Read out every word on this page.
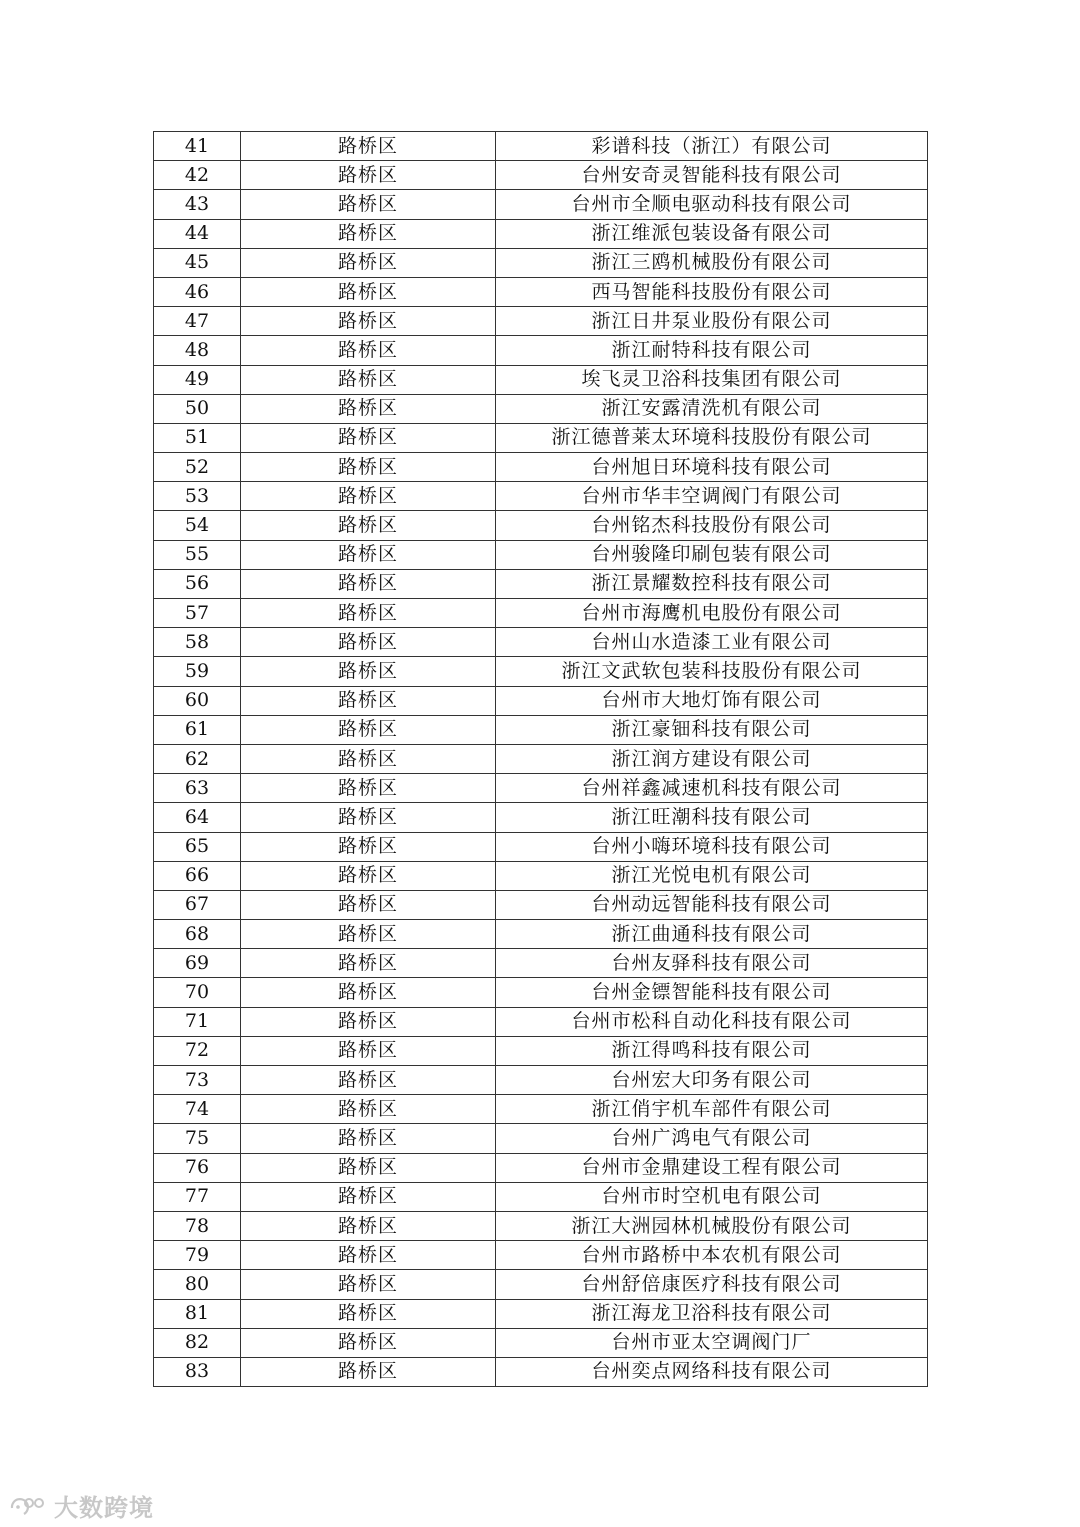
41	路桥区	彩谱科技（浙江）有限公司
42	路桥区	台州安奇灵智能科技有限公司
43	路桥区	台州市全顺电驱动科技有限公司
44	路桥区	浙江维派包装设备有限公司
45	路桥区	浙江三鸥机械股份有限公司
46	路桥区	西马智能科技股份有限公司
47	路桥区	浙江日井泵业股份有限公司
48	路桥区	浙江耐特科技有限公司
49	路桥区	埃飞灵卫浴科技集团有限公司
50	路桥区	浙江安露清洗机有限公司
51	路桥区	浙江德普莱太环境科技股份有限公司
52	路桥区	台州旭日环境科技有限公司
53	路桥区	台州市华丰空调阀门有限公司
54	路桥区	台州铭杰科技股份有限公司
55	路桥区	台州骏隆印刷包装有限公司
56	路桥区	浙江景耀数控科技有限公司
57	路桥区	台州市海鹰机电股份有限公司
58	路桥区	台州山水造漆工业有限公司
59	路桥区	浙江文武软包装科技股份有限公司
60	路桥区	台州市大地灯饰有限公司
61	路桥区	浙江豪钿科技有限公司
62	路桥区	浙江润方建设有限公司
63	路桥区	台州祥鑫减速机科技有限公司
64	路桥区	浙江旺潮科技有限公司
65	路桥区	台州小嗨环境科技有限公司
66	路桥区	浙江光悦电机有限公司
67	路桥区	台州动远智能科技有限公司
68	路桥区	浙江曲通科技有限公司
69	路桥区	台州友驿科技有限公司
70	路桥区	台州金镖智能科技有限公司
71	路桥区	台州市松科自动化科技有限公司
72	路桥区	浙江得鸣科技有限公司
73	路桥区	台州宏大印务有限公司
74	路桥区	浙江俏宇机车部件有限公司
75	路桥区	台州广鸿电气有限公司
76	路桥区	台州市金鼎建设工程有限公司
77	路桥区	台州市时空机电有限公司
78	路桥区	浙江大洲园林机械股份有限公司
79	路桥区	台州市路桥中本农机有限公司
80	路桥区	台州舒倍康医疗科技有限公司
81	路桥区	浙江海龙卫浴科技有限公司
82	路桥区	台州市亚太空调阀门厂
83	路桥区	台州奕点网络科技有限公司
大数跨境
